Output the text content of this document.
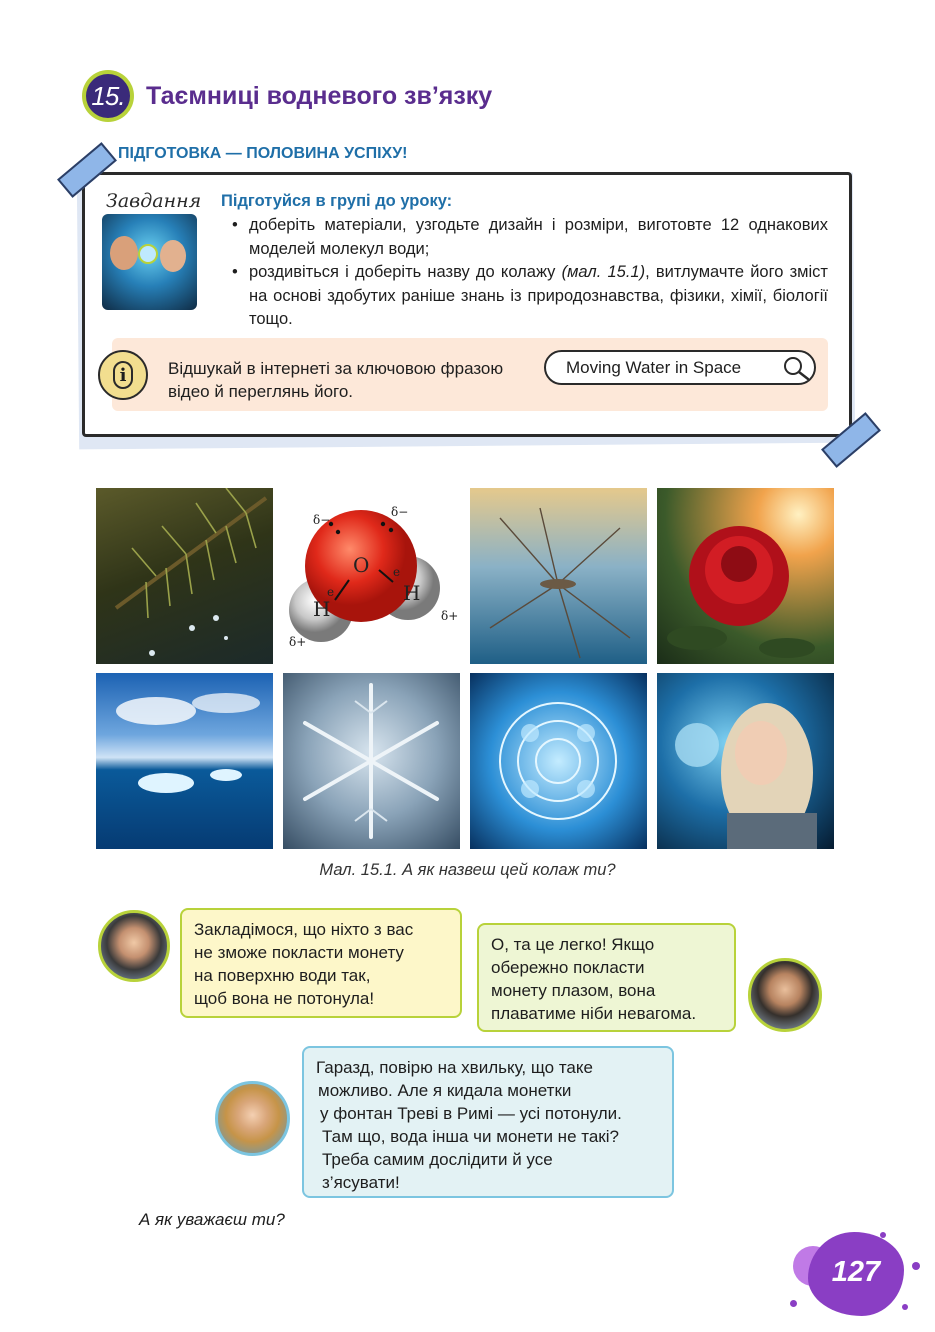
15. Таємниці водневого зв’язку
ПІДГОТОВКА — ПОЛОВИНА УСПІХУ!
Завдання Підготуйся в групі до уроку:
• доберіть матеріали, узгодьте дизайн і розміри, виготовте 12 однакових моделей молекул води;
• роздивіться і доберіть назву до колажу (мал. 15.1), витлумачте його зміст на основі здобутих раніше знань із природознавства, фізики, хімії, біології тощо.
i	Відшукай в інтернеті за ключовою фразою
відео й переглянь його.
Moving Water in Space
O
H
H
e
e
δ−
δ−
δ+
δ+
Мал. 15.1. А як назвеш цей колаж ти?
Закладімося, що ніхто з вас
не зможе покласти монету
на поверхню води так,
щоб вона не потонула!
О, та це легко! Якщо
обережно покласти
монету плазом, вона
плаватиме ніби невагома.
Гаразд, повірю на хвильку, що таке
можливо. Але я кидала монетки
у фонтан Треві в Римі — усі потонули.
Там що, вода інша чи монети не такі?
Треба самим дослідити й усе
з’ясувати!
А як уважаєш ти?
127
